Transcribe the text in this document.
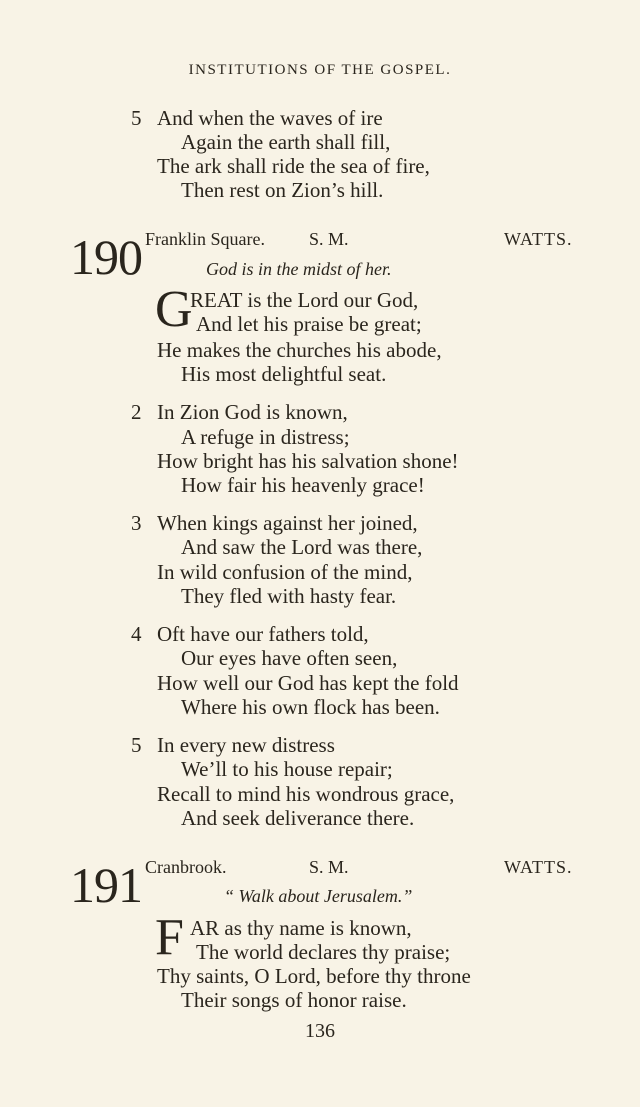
INSTITUTIONS OF THE GOSPEL.
5 And when the waves of ire
Again the earth shall fill,
The ark shall ride the sea of fire,
Then rest on Zion’s hill.
190 Franklin Square. S. M.	WATTS.
God is in the midst of her.
G
REAT is the Lord our God,
And let his praise be great;
He makes the churches his abode,
His most delightful seat.
2 In Zion God is known,
A refuge in distress;
How bright has his salvation shone!
How fair his heavenly grace!
3 When kings against her joined,
And saw the Lord was there,
In wild confusion of the mind,
They fled with hasty fear.
4 Oft have our fathers told,
Our eyes have often seen,
How well our God has kept the fold
Where his own flock has been.
5 In every new distress
We’ll to his house repair;
Recall to mind his wondrous grace,
And seek deliverance there.
191 Cranbrook.	S. M.	WATTS.
“ Walk about Jerusalem.”
F AR as thy name is known,
The world declares thy praise;
Thy saints, O Lord, before thy throne
Their songs of honor raise.
136
